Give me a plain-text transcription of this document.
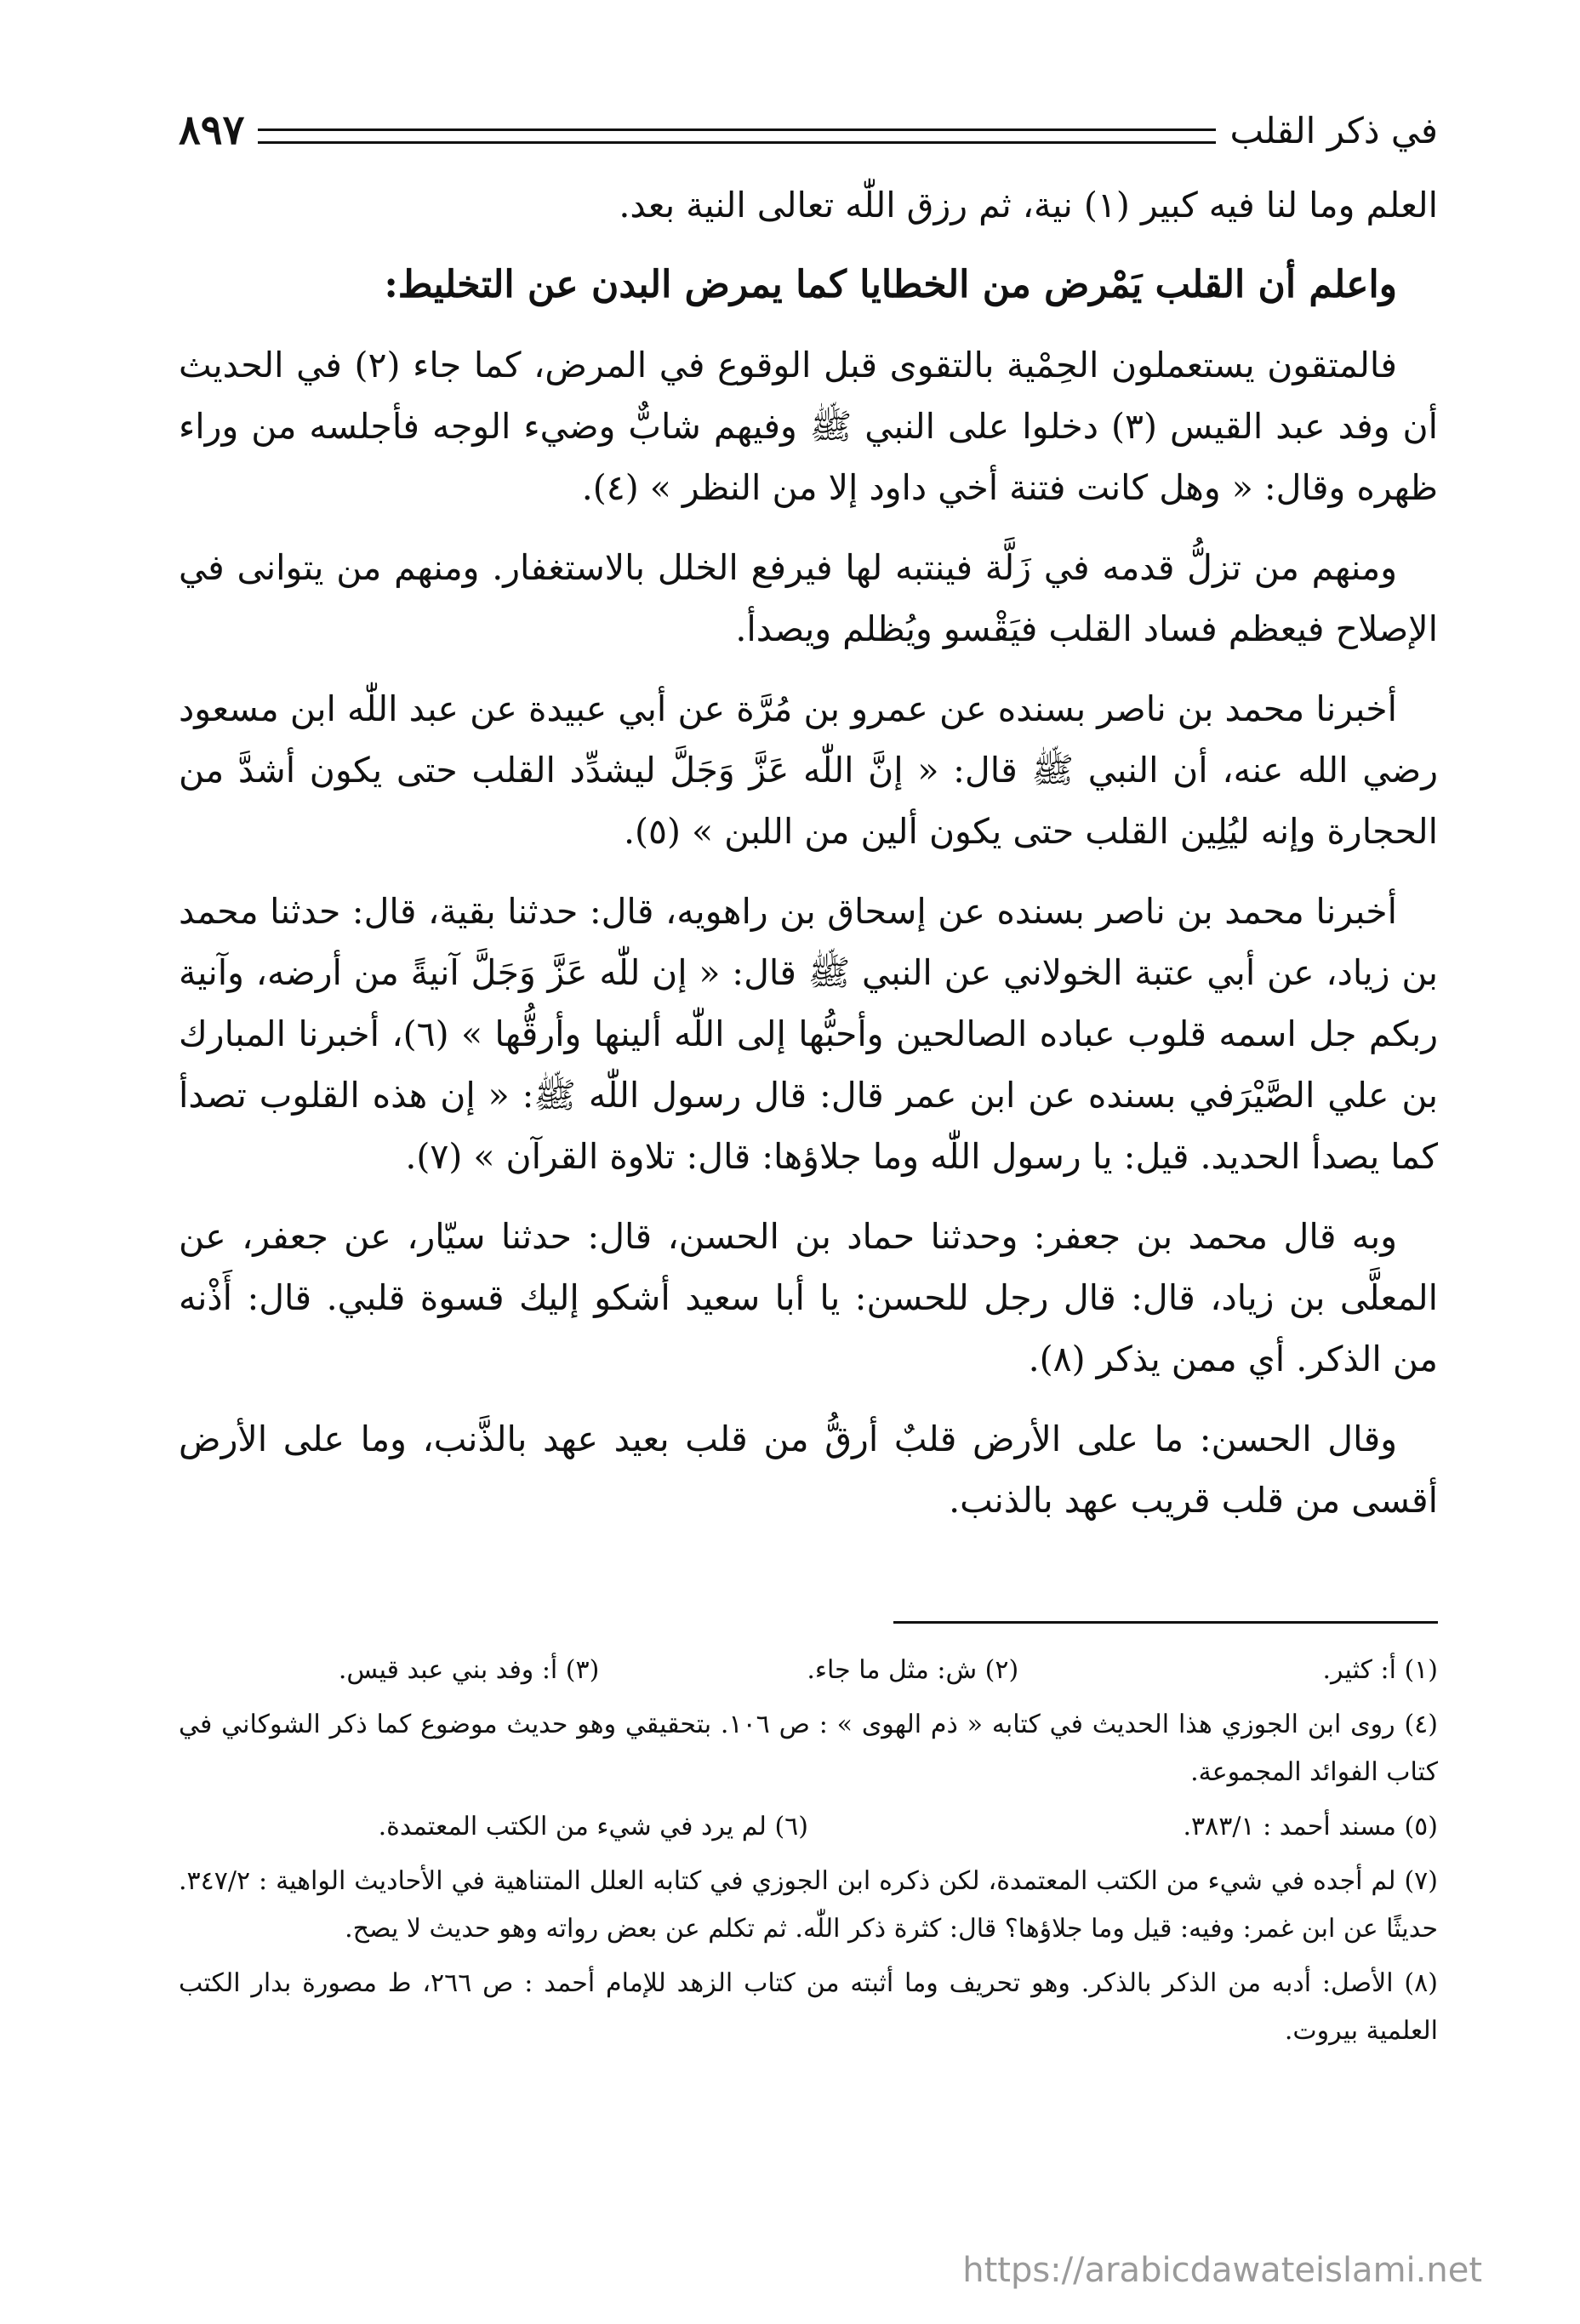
في ذكر القلب
٨٩٧

العلم وما لنا فيه كبير (١) نية، ثم رزق اللّٰه تعالى النية بعد.

واعلم أن القلب يَمْرض من الخطايا كما يمرض البدن عن التخليط:

فالمتقون يستعملون الحِمْية بالتقوى قبل الوقوع في المرض، كما جاء (٢) في الحديث أن وفد عبد القيس (٣) دخلوا على النبي ﷺ وفيهم شابٌّ وضيء الوجه فأجلسه من وراء ظهره وقال: « وهل كانت فتنة أخي داود إلا من النظر » (٤).

ومنهم من تزلُّ قدمه في زَلَّة فينتبه لها فيرفع الخلل بالاستغفار. ومنهم من يتوانى في الإصلاح فيعظم فساد القلب فيَقْسو ويُظلم ويصدأ.

أخبرنا محمد بن ناصر بسنده عن عمرو بن مُرَّة عن أبي عبيدة عن عبد اللّٰه ابن مسعود رضي الله عنه، أن النبي ﷺ قال: « إنَّ اللّٰه عَزَّ وَجَلَّ ليشدِّد القلب حتى يكون أشدَّ من الحجارة وإنه ليُلِين القلب حتى يكون ألين من اللبن » (٥).

أخبرنا محمد بن ناصر بسنده عن إسحاق بن راهويه، قال: حدثنا بقية، قال: حدثنا محمد بن زياد، عن أبي عتبة الخولاني عن النبي ﷺ قال: « إن للّٰه عَزَّ وَجَلَّ آنيةً من أرضه، وآنية ربكم جل اسمه قلوب عباده الصالحين وأحبُّها إلى اللّٰه ألينها وأرقُّها » (٦)، أخبرنا المبارك بن علي الصَّيْرَفي بسنده عن ابن عمر قال: قال رسول اللّٰه ﷺ: « إن هذه القلوب تصدأ كما يصدأ الحديد. قيل: يا رسول اللّٰه وما جلاؤها: قال: تلاوة القرآن » (٧).

وبه قال محمد بن جعفر: وحدثنا حماد بن الحسن، قال: حدثنا سيّار، عن جعفر، عن المعلَّى بن زياد، قال: قال رجل للحسن: يا أبا سعيد أشكو إليك قسوة قلبي. قال: أَذْنه من الذكر. أي ممن يذكر (٨).

وقال الحسن: ما على الأرض قلبٌ أرقُّ من قلب بعيد عهد بالذَّنب، وما على الأرض أقسى من قلب قريب عهد بالذنب.

(١) أ: كثير.
(٢) ش: مثل ما جاء.
(٣) أ: وفد بني عبد قيس.

(٤) روى ابن الجوزي هذا الحديث في كتابه « ذم الهوى » : ص ١٠٦. بتحقيقي وهو حديث موضوع كما ذكر الشوكاني في كتاب الفوائد المجموعة.

(٥) مسند أحمد : ٣٨٣/١.
(٦) لم يرد في شيء من الكتب المعتمدة.

(٧) لم أجده في شيء من الكتب المعتمدة، لكن ذكره ابن الجوزي في كتابه العلل المتناهية في الأحاديث الواهية : ٣٤٧/٢. حديثًا عن ابن غمر: وفيه: قيل وما جلاؤها؟ قال: كثرة ذكر اللّٰه. ثم تكلم عن بعض رواته وهو حديث لا يصح.

(٨) الأصل: أدبه من الذكر بالذكر. وهو تحريف وما أثبته من كتاب الزهد للإمام أحمد : ص ٢٦٦، ط مصورة بدار الكتب العلمية بيروت.

https://arabicdawateislami.net
